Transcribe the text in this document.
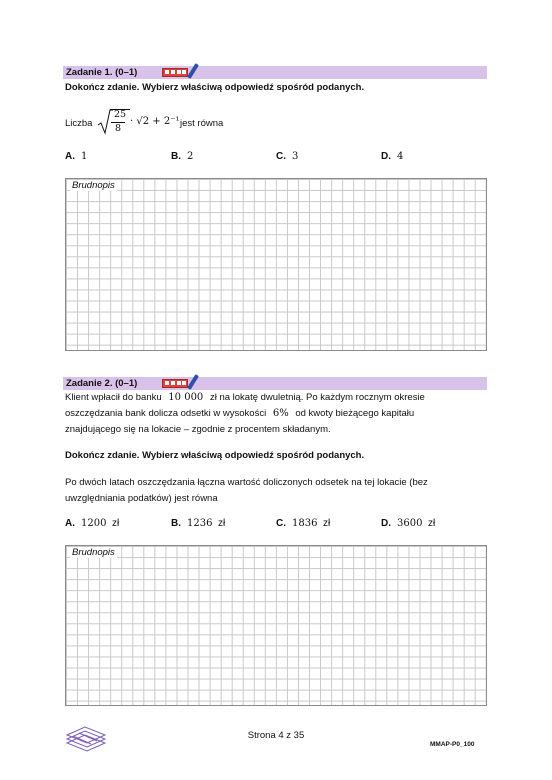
Zadanie 1. (0–1)
Dokończ zdanie. Wybierz właściwą odpowiedź spośród podanych.
Liczba
25
8
· √2 + 2⁻¹ jest równa
A. 1	B. 2	C. 3	D. 4
Brudnopis
Zadanie 2. (0–1)
Klient wpłacił do banku 10 000 zł na lokatę dwuletnią. Po każdym rocznym okresie
oszczędzania bank dolicza odsetki w wysokości 6% od kwoty bieżącego kapitału
znajdującego się na lokacie – zgodnie z procentem składanym.
Dokończ zdanie. Wybierz właściwą odpowiedź spośród podanych.
Po dwóch latach oszczędzania łączna wartość doliczonych odsetek na tej lokacie (bez
uwzględniania podatków) jest równa
A. 1200 zł	B. 1236 zł	C. 1836 zł	D. 3600 zł
Brudnopis
Strona 4 z 35
MMAP-P0_100
